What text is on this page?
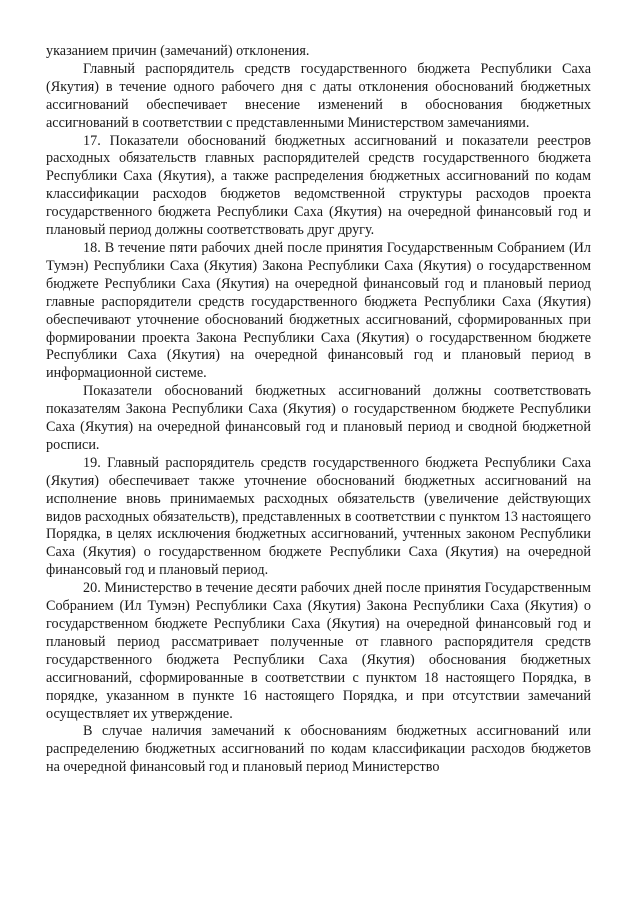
указанием причин (замечаний) отклонения.

Главный распорядитель средств государственного бюджета Республики Саха (Якутия) в течение одного рабочего дня с даты отклонения обоснований бюджетных ассигнований обеспечивает внесение изменений в обоснования бюджетных ассигнований в соответствии с представленными Министерством замечаниями.

17. Показатели обоснований бюджетных ассигнований и показатели реестров расходных обязательств главных распорядителей средств государственного бюджета Республики Саха (Якутия), а также распределения бюджетных ассигнований по кодам классификации расходов бюджетов ведомственной структуры расходов проекта государственного бюджета Республики Саха (Якутия) на очередной финансовый год и плановый период должны соответствовать друг другу.

18. В течение пяти рабочих дней после принятия Государственным Собранием (Ил Тумэн) Республики Саха (Якутия) Закона Республики Саха (Якутия) о государственном бюджете Республики Саха (Якутия) на очередной финансовый год и плановый период главные распорядители средств государственного бюджета Республики Саха (Якутия) обеспечивают уточнение обоснований бюджетных ассигнований, сформированных при формировании проекта Закона Республики Саха (Якутия) о государственном бюджете Республики Саха (Якутия) на очередной финансовый год и плановый период в информационной системе.

Показатели обоснований бюджетных ассигнований должны соответствовать показателям Закона Республики Саха (Якутия) о государственном бюджете Республики Саха (Якутия) на очередной финансовый год и плановый период и сводной бюджетной росписи.

19. Главный распорядитель средств государственного бюджета Республики Саха (Якутия) обеспечивает также уточнение обоснований бюджетных ассигнований на исполнение вновь принимаемых расходных обязательств (увеличение действующих видов расходных обязательств), представленных в соответствии с пунктом 13 настоящего Порядка, в целях исключения бюджетных ассигнований, учтенных законом Республики Саха (Якутия) о государственном бюджете Республики Саха (Якутия) на очередной финансовый год и плановый период.

20. Министерство в течение десяти рабочих дней после принятия Государственным Собранием (Ил Тумэн) Республики Саха (Якутия) Закона Республики Саха (Якутия) о государственном бюджете Республики Саха (Якутия) на очередной финансовый год и плановый период рассматривает полученные от главного распорядителя средств государственного бюджета Республики Саха (Якутия) обоснования бюджетных ассигнований, сформированные в соответствии с пунктом 18 настоящего Порядка, в порядке, указанном в пункте 16 настоящего Порядка, и при отсутствии замечаний осуществляет их утверждение.

В случае наличия замечаний к обоснованиям бюджетных ассигнований или распределению бюджетных ассигнований по кодам классификации расходов бюджетов на очередной финансовый год и плановый период Министерство
